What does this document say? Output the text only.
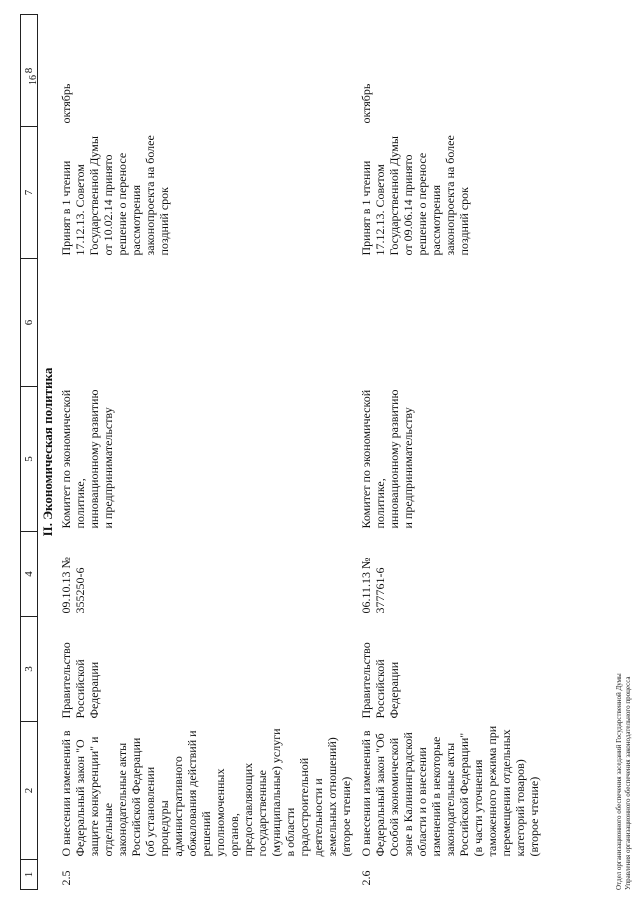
1	2	3	4	5	6	7	8
II. Экономическая политика							
2.5	О внесении изменений в Федеральный закон "О защите конкуренции" и отдельные законодательные акты Российской Федерации (об установлении процедуры административного обжалования действий и решений уполномоченных органов, предоставляющих государственные (муниципальные) услуги в области градостроительной деятельности и земельных отношений) (второе чтение)	Правительство Российской Федерации	09.10.13 № 355250-6	Комитет по экономической политике, инновационному развитию и предпринимательству		Принят в 1 чтении 17.12.13. Советом Государственной Думы от 10.02.14 принято решение о переносе рассмотрения законопроекта на более поздний срок	октябрь
2.6	О внесении изменений в Федеральный закон "Об Особой экономической зоне в Калининградской области и о внесении изменений в некоторые законодательные акты Российской Федерации" (в части уточнения таможенного режима при перемещении отдельных категорий товаров) (второе чтение)	Правительство Российской Федерации	06.11.13 № 377761-6	Комитет по экономической политике, инновационному развитию и предпринимательству		Принят в 1 чтении 17.12.13. Советом Государственной Думы от 09.06.14 принято решение о переносе рассмотрения законопроекта на более поздний срок	октябрь
Отдел организационного обеспечения заседаний Государственной Думы Управления организационного обеспечения законодательного процесса
16
